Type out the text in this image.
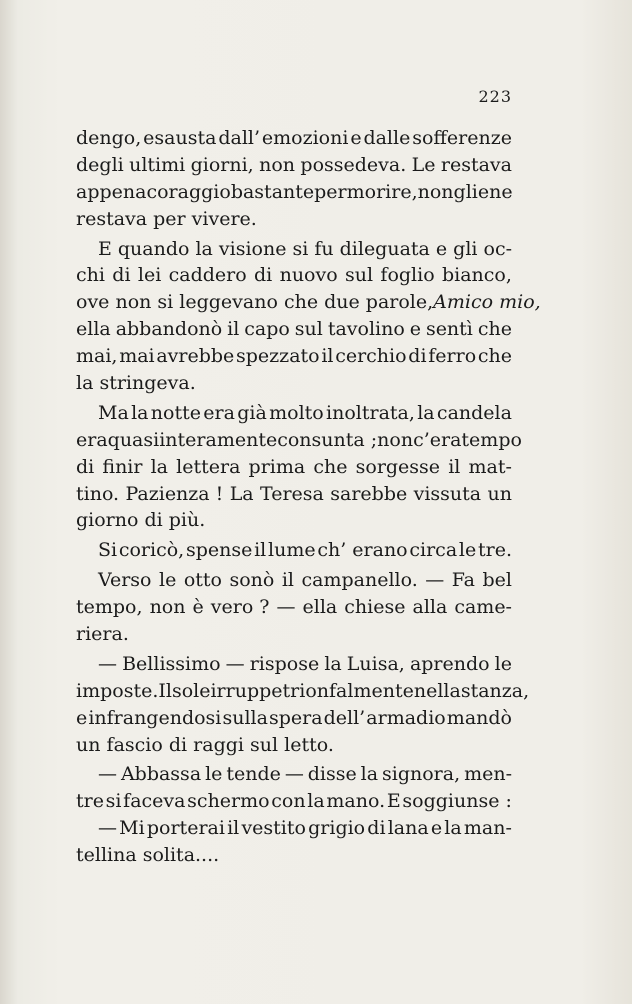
223
dengo, esausta dall’ emozioni e dalle sofferenze
degli ultimi giorni, non possedeva. Le restava
appena coraggio bastante per morire, non gliene
restava per vivere.
E quando la visione si fu dileguata e gli oc-
chi di lei caddero di nuovo sul foglio bianco,
ove non si leggevano che due parole, Amico mio,
ella abbandonò il capo sul tavolino e sentì che
mai, mai avrebbe spezzato il cerchio di ferro che
la stringeva.
Ma la notte era già molto inoltrata, la candela
era quasi interamente consunta ; non c’era tempo
di finir la lettera prima che sorgesse il mat-
tino. Pazienza ! La Teresa sarebbe vissuta un
giorno di più.
Si coricò, spense il lume ch’ erano circa le tre.
Verso le otto sonò il campanello. — Fa bel
tempo, non è vero ? — ella chiese alla came-
riera.
— Bellissimo — rispose la Luisa, aprendo le
imposte. Il sole irruppe trionfalmente nella stanza,
e infrangendosi sulla spera dell’ armadio mandò
un
fascio
di
raggi
sul
letto.
— Abbassa le tende — disse la signora, men-
tre si faceva schermo con la mano. E soggiunse :
— Mi porterai il vestito grigio di lana e la man-
tellina solita....
